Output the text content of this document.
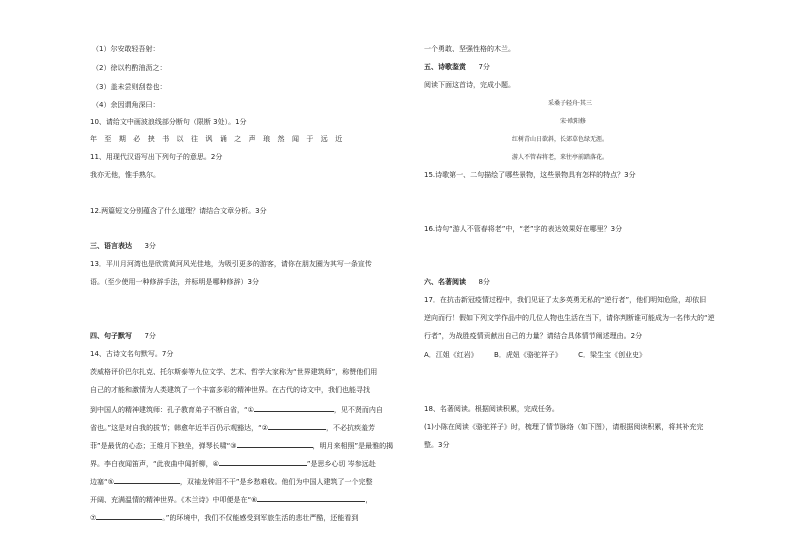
（1）尔安敢轻吾射：
（2）徐以杓酌油沥之：
（3）盖未尝则刮卷也：
（4）余因谓角深曰：
10、请给文中画波浪线部分断句（限断 3处）。1分
年 至 期 必 挟 书 以 往 讽 诵 之 声 琅 然 闻 于 远 近
11、用现代汉语写出下列句子的意思。2分
我亦无他，惟手熟尔。
12.两篇短文分别蕴含了什么道理？请结合文章分析。3分
三、语言表达 3分
13．平川月河湾也是欣赏黄河风光佳地，为吸引更多的游客，请你在朋友圈为其写一条宣传
语。（至少使用一种修辞手法，并标明是哪种修辞）3分
四、句子默写 7分
14、古诗文名句默写。7分
茨威格评价巴尔扎克、托尔斯泰等九位文学、艺术、哲学大家称为“世界建筑师”，称赞他们用
自己的才能和激情为人类建筑了一个丰富多彩的精神世界。在古代的诗文中，我们也能寻找
到中国人的精神建筑师：孔子教育弟子不断自省，“①	，见不贤而内自
省也。”这是对自我的拔节；韩愈年近半百仍示观豁达，“②	，不必抗疾羞芳
菲”是最优的心态；王维月下独坐，弹琴长啸“③	，明月来相照”是最雅的揭
界。李白夜闻笛声，“此夜曲中闻折柳，④	”是思乡心切 岑参远赴
边塞“⑤	，双袖龙钟泪不干”是乡愁难收。他们为中国人建筑了一个完整
开阔、充满温情的精神世界。《木兰诗》中叩便是在“⑥	，
⑦	。”的环境中，我们不仅能感受到军旅生活的悲壮严酷，还能看到
一个勇敢、坚强性格的木兰。
五、诗歌鉴赏 7分
阅读下面这首诗，完成小题。
采桑子轻舟·其三
宋·欧阳修
红树青山日欲斜，长郊草色绿无涯。
游人不管春将老，来往亭前踏落花。
15.诗歌第一、二句描绘了哪些景物，这些景物具有怎样的特点？3分
16.诗句“游人不管春将老”中，“老”字的表达效果好在哪里？3分
六、名著阅读 8分
17．在抗击新冠疫情过程中，我们见证了太多英勇无私的“逆行者”，他们明知危险，却依旧
逆向而行！假如下列文学作品中的几位人物也生活在当下，请你判断谁可能成为一名伟大的“逆
行者”，为战胜疫情贡献出自己的力量？请结合具体情节阐述理由。2分
A．江姐《红岩》 B．虎妞《骆驼祥子》 C．梁生宝《创业史》
18、名著阅读。根据阅读积累，完成任务。
(1)小陈在阅读《骆驼祥子》时，梳理了情节脉络（如下图），请根据阅读积累，将其补充完
整。3分
